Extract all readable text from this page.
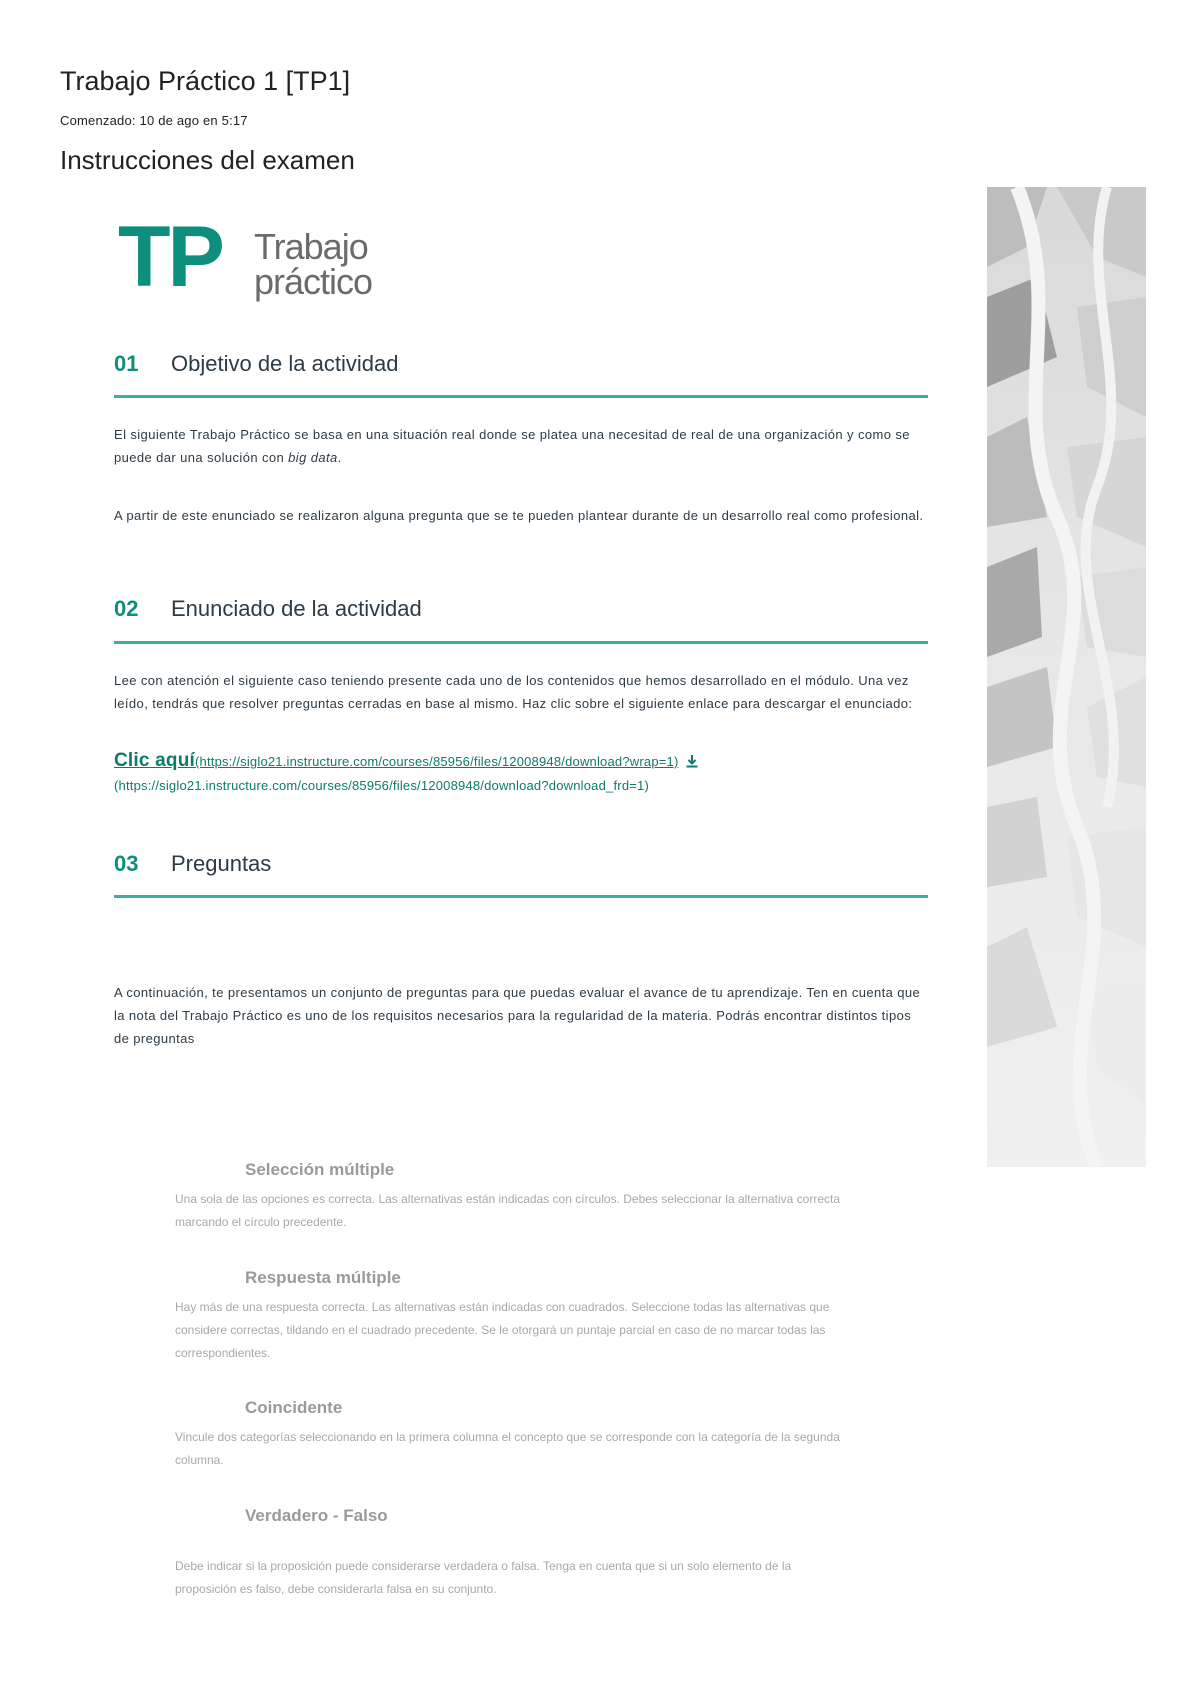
Trabajo Práctico 1 [TP1]
Comenzado: 10 de ago en 5:17
Instrucciones del examen
TP Trabajo
práctico
01 Objetivo de la actividad
El siguiente Trabajo Práctico se basa en una situación real donde se platea una necesitad de real de una organización y como se puede dar una solución con big data.
A partir de este enunciado se realizaron alguna pregunta que se te pueden plantear durante de un desarrollo real como profesional.
02 Enunciado de la actividad
Lee con atención el siguiente caso teniendo presente cada uno de los contenidos que hemos desarrollado en el módulo. Una vez leído, tendrás que resolver preguntas cerradas en base al mismo. Haz clic sobre el siguiente enlace para descargar el enunciado:
Clic aquí(https://siglo21.instructure.com/courses/85956/files/12008948/download?wrap=1)
(https://siglo21.instructure.com/courses/85956/files/12008948/download?download_frd=1)
03 Preguntas
A continuación, te presentamos un conjunto de preguntas para que puedas evaluar el avance de tu aprendizaje. Ten en cuenta que la nota del Trabajo Práctico es uno de los requisitos necesarios para la regularidad de la materia. Podrás encontrar distintos tipos de preguntas
Selección múltiple
Una sola de las opciones es correcta. Las alternativas están indicadas con círculos. Debes seleccionar la alternativa correcta marcando el círculo precedente.
Respuesta múltiple
Hay más de una respuesta correcta. Las alternativas están indicadas con cuadrados. Seleccione todas las alternativas que considere correctas, tildando en el cuadrado precedente. Se le otorgará un puntaje parcial en caso de no marcar todas las correspondientes.
Coincidente
Vincule dos categorías seleccionando en la primera columna el concepto que se corresponde con la categoría de la segunda columna.
Verdadero - Falso
Debe indicar si la proposición puede considerarse verdadera o falsa. Tenga en cuenta que si un solo elemento de la proposición es falso, debe considerarla falsa en su conjunto.
